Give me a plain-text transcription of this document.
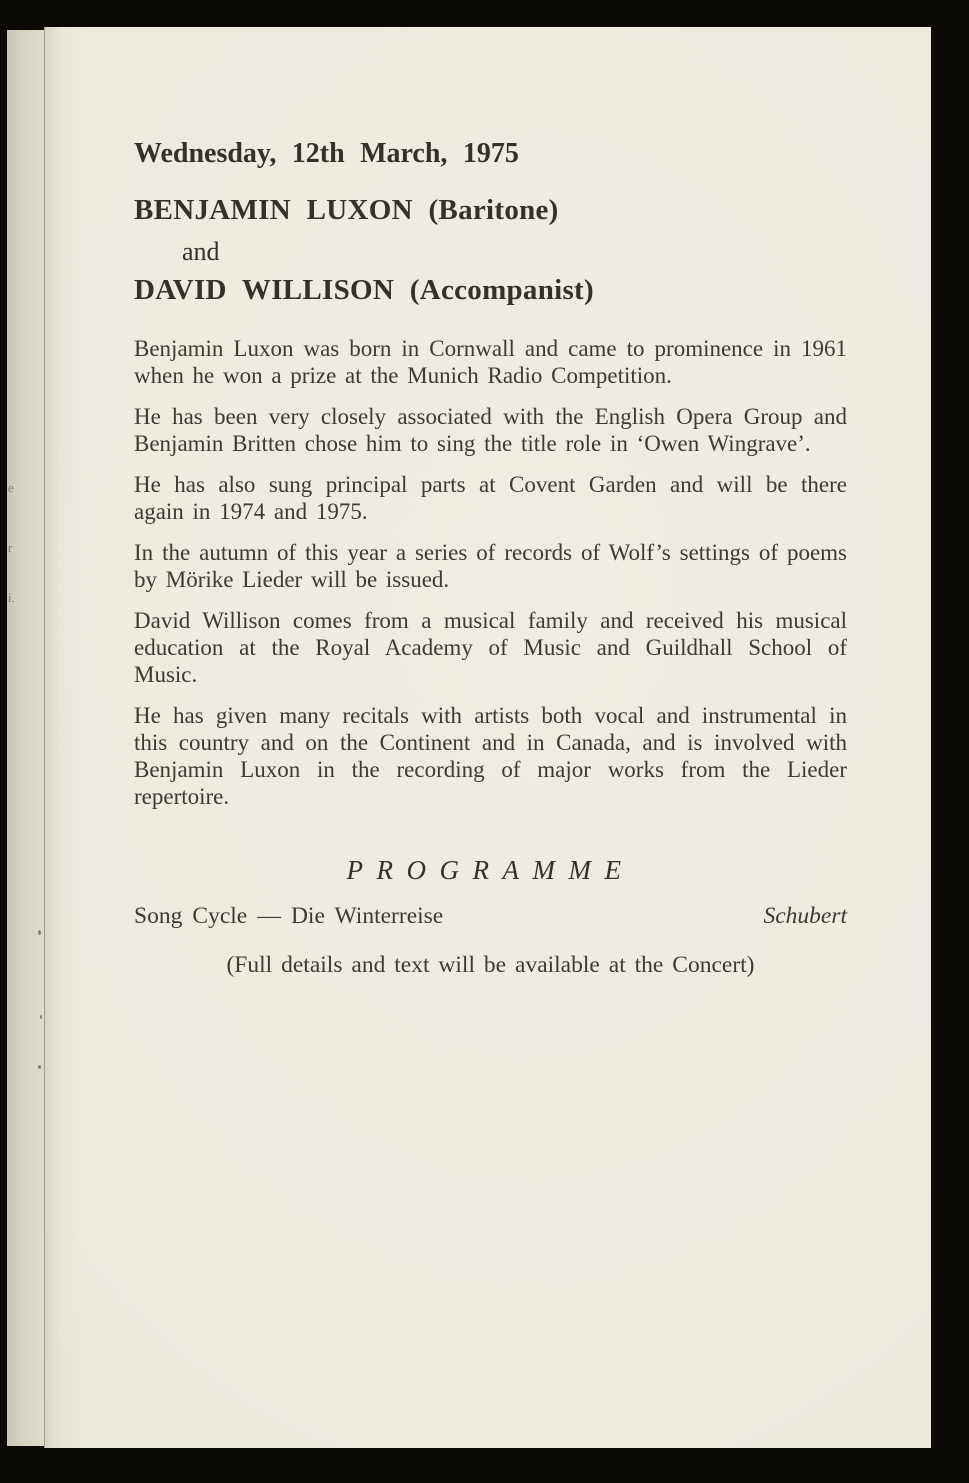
e
r
i.
Wednesday, 12th March, 1975
BENJAMIN LUXON (Baritone)
and
DAVID WILLISON (Accompanist)

Benjamin Luxon was born in Cornwall and came to prominence in 1961 when he won a prize at the Munich Radio Competition.

He has been very closely associated with the English Opera Group and Benjamin Britten chose him to sing the title role in ‘Owen Wingrave’.

He has also sung principal parts at Covent Garden and will be there again in 1974 and 1975.

In the autumn of this year a series of records of Wolf’s settings of poems by Mörike Lieder will be issued.

David Willison comes from a musical family and received his musical education at the Royal Academy of Music and Guildhall School of Music.

He has given many recitals with artists both vocal and instrumental in this country and on the Continent and in Canada, and is involved with Benjamin Luxon in the recording of major works from the Lieder repertoire.

PROGRAMME
Song Cycle — Die Winterreise	Schubert
(Full details and text will be available at the Concert)
